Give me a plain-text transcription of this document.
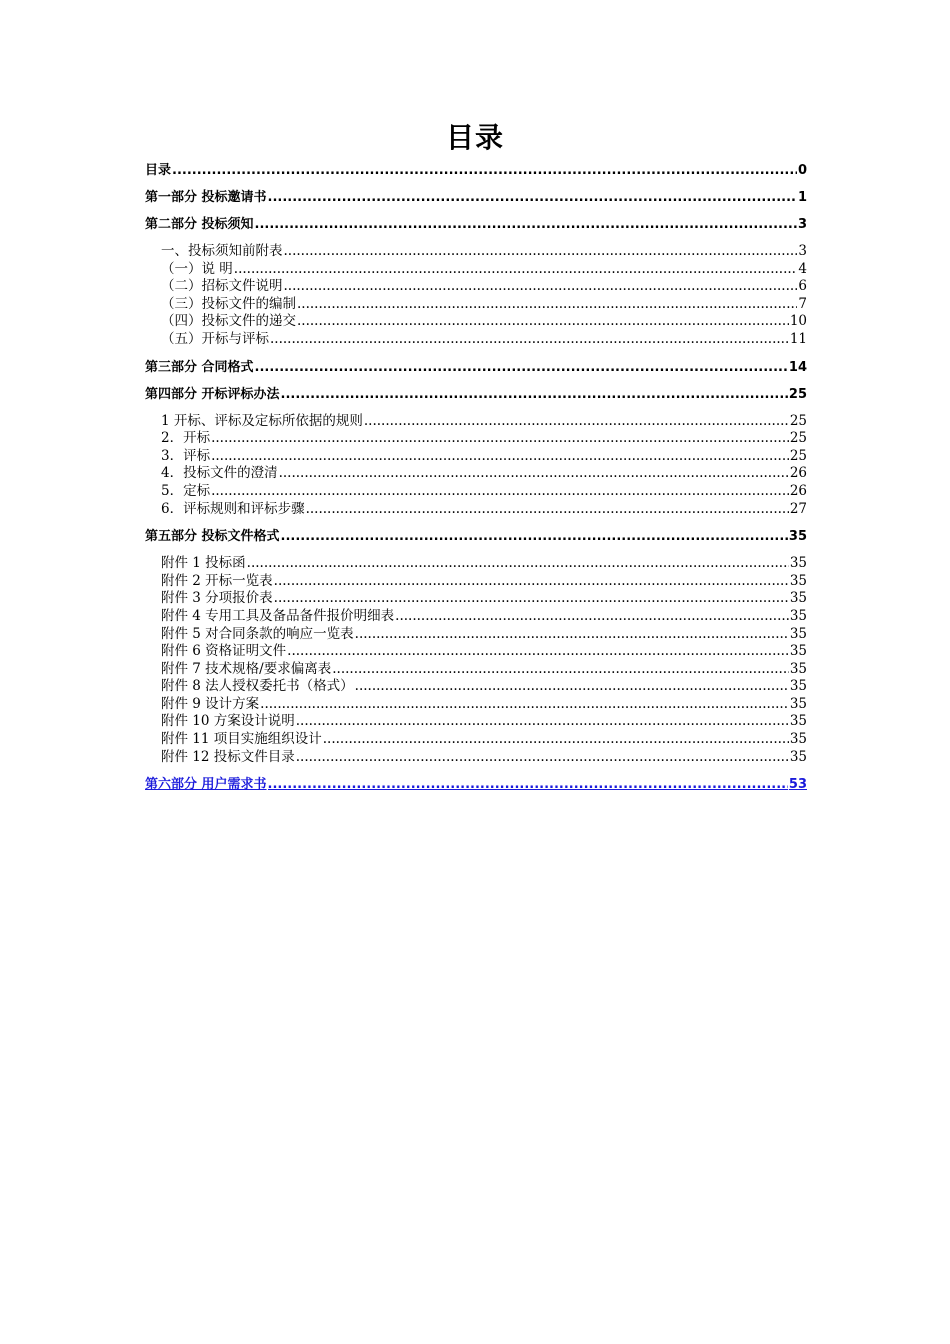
目录
目录 .....	0
第一部分 投标邀请书 .....	1
第二部分 投标须知 .....	3
一、投标须知前附表 .....	3
（一）说 明 .....	4
（二）招标文件说明 .....	6
（三）投标文件的编制 .....	7
（四）投标文件的递交 .....	10
（五）开标与评标 .....	11
第三部分 合同格式 .....	14
第四部分 开标评标办法 .....	25
1 开标、评标及定标所依据的规则 .....	25
2．开标 .....	25
3．评标 .....	25
4．投标文件的澄清 .....	26
5．定标 .....	26
6．评标规则和评标步骤 .....	27
第五部分 投标文件格式 .....	35
附件 1 投标函 .....	35
附件 2 开标一览表 .....	35
附件 3 分项报价表 .....	35
附件 4 专用工具及备品备件报价明细表 .....	35
附件 5 对合同条款的响应一览表 .....	35
附件 6 资格证明文件 .....	35
附件 7 技术规格/要求偏离表 .....	35
附件 8 法人授权委托书（格式） .....	35
附件 9 设计方案 .....	35
附件 10 方案设计说明 .....	35
附件 11 项目实施组织设计 .....	35
附件 12 投标文件目录 .....	35
第六部分 用户需求书 .....	53
